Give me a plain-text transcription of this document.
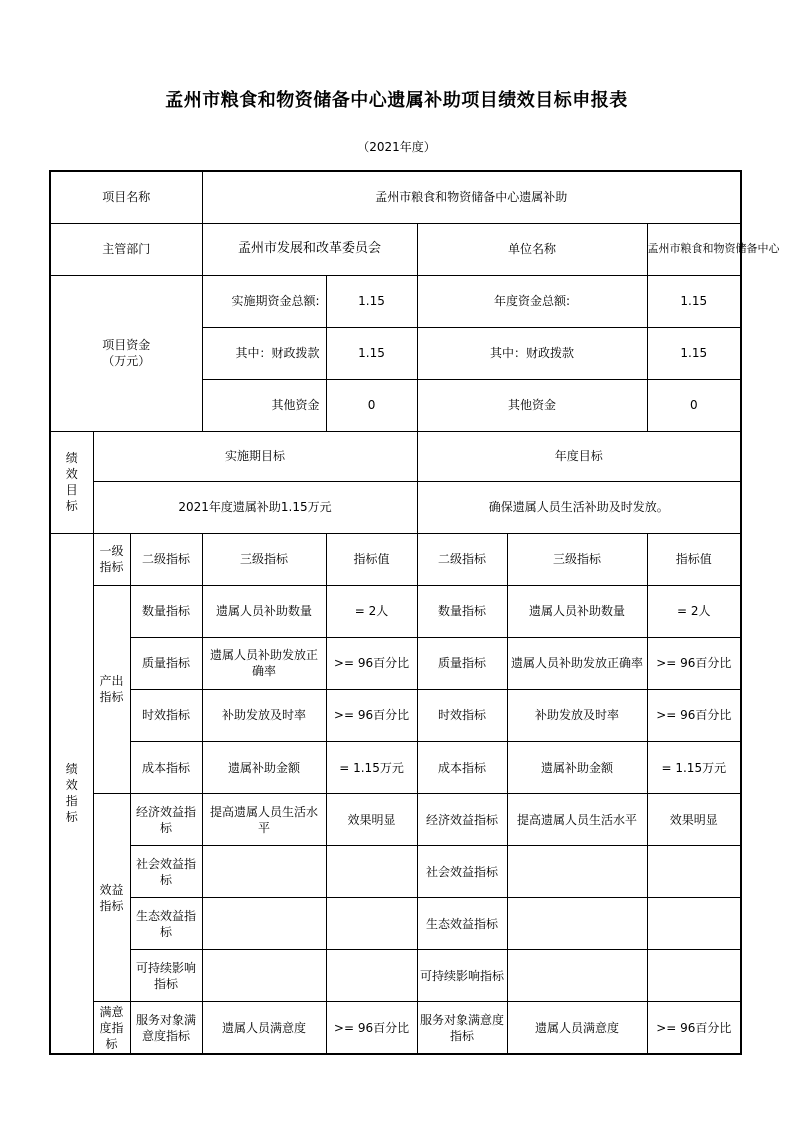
孟州市粮食和物资储备中心遗属补助项目绩效目标申报表
（2021年度）
项目名称			孟州市粮食和物资储备中心遗属补助				
主管部门			孟州市发展和改革委员会		单位名称		孟州市粮食和物资储备中心

项目资金
（万元）			实施期资金总额:	1.15	年度资金总额:		1.15
			其中：财政拨款	1.15	其中：财政拨款		1.15
			其他资金	0	其他资金		0

绩
效
目
标	实施期目标				年度目标		
	2021年度遗属补助1.15万元				确保遗属人员生活补助及时发放。		

绩
效
指
标	一级指标	二级指标	三级指标	指标值	二级指标	三级指标	指标值
	产出指标	数量指标	遗属人员补助数量	= 2人	数量指标	遗属人员补助数量	= 2人
		质量指标	遗属人员补助发放正确率	>= 96百分比	质量指标	遗属人员补助发放正确率	>= 96百分比
		时效指标	补助发放及时率	>= 96百分比	时效指标	补助发放及时率	>= 96百分比
		成本指标	遗属补助金额	= 1.15万元	成本指标	遗属补助金额	= 1.15万元
	效益指标	经济效益指标	提高遗属人员生活水平	效果明显	经济效益指标	提高遗属人员生活水平	效果明显
		社会效益指标			社会效益指标		
		生态效益指标			生态效益指标		
		可持续影响指标			可持续影响指标		
	满意度指标	服务对象满意度指标	遗属人员满意度	>= 96百分比	服务对象满意度指标	遗属人员满意度	>= 96百分比
